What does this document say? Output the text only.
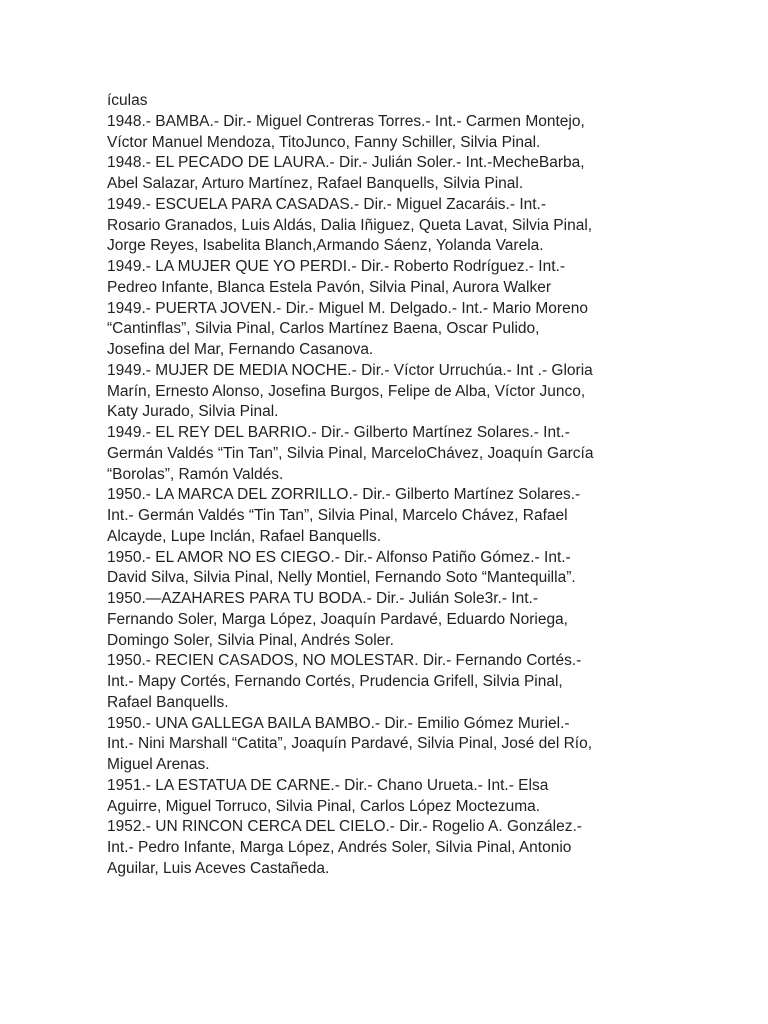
ículas
1948.- BAMBA.- Dir.- Miguel Contreras Torres.- Int.- Carmen Montejo,
Víctor Manuel Mendoza, TitoJunco, Fanny Schiller, Silvia Pinal.
1948.- EL PECADO DE LAURA.- Dir.- Julián Soler.- Int.-MecheBarba,
Abel Salazar, Arturo Martínez, Rafael Banquells, Silvia Pinal.
1949.- ESCUELA PARA CASADAS.- Dir.- Miguel Zacaráis.- Int.-
Rosario Granados, Luis Aldás, Dalia Iñiguez, Queta Lavat, Silvia Pinal,
Jorge Reyes, Isabelita Blanch,Armando Sáenz, Yolanda Varela.
1949.- LA MUJER QUE YO PERDI.- Dir.- Roberto Rodríguez.- Int.-
Pedreo Infante, Blanca Estela Pavón, Silvia Pinal, Aurora Walker
1949.- PUERTA JOVEN.- Dir.- Miguel M. Delgado.- Int.- Mario Moreno
“Cantinflas”, Silvia Pinal, Carlos Martínez Baena, Oscar Pulido,
Josefina del Mar, Fernando Casanova.
1949.- MUJER DE MEDIA NOCHE.- Dir.- Víctor Urruchúa.- Int .- Gloria
Marín, Ernesto Alonso, Josefina Burgos, Felipe de Alba, Víctor Junco,
Katy Jurado, Silvia Pinal.
1949.- EL REY DEL BARRIO.- Dir.- Gilberto Martínez Solares.- Int.-
Germán Valdés “Tin Tan”, Silvia Pinal, MarceloChávez, Joaquín García
“Borolas”, Ramón Valdés.
1950.- LA MARCA DEL ZORRILLO.- Dir.- Gilberto Martínez Solares.-
Int.- Germán Valdés “Tin Tan”, Silvia Pinal, Marcelo Chávez, Rafael
Alcayde, Lupe Inclán, Rafael Banquells.
1950.- EL AMOR NO ES CIEGO.- Dir.- Alfonso Patiño Gómez.- Int.-
David Silva, Silvia Pinal, Nelly Montiel, Fernando Soto “Mantequilla”.
1950.—AZAHARES PARA TU BODA.- Dir.- Julián Sole3r.- Int.-
Fernando Soler, Marga López, Joaquín Pardavé, Eduardo Noriega,
Domingo Soler, Silvia Pinal, Andrés Soler.
1950.- RECIEN CASADOS, NO MOLESTAR. Dir.- Fernando Cortés.-
Int.- Mapy Cortés, Fernando Cortés, Prudencia Grifell, Silvia Pinal,
Rafael Banquells.
1950.- UNA GALLEGA BAILA BAMBO.- Dir.- Emilio Gómez Muriel.-
Int.- Nini Marshall “Catita”, Joaquín Pardavé, Silvia Pinal, José del Río,
Miguel Arenas.
1951.- LA ESTATUA DE CARNE.- Dir.- Chano Urueta.- Int.- Elsa
Aguirre, Miguel Torruco, Silvia Pinal, Carlos López Moctezuma.
1952.- UN RINCON CERCA DEL CIELO.- Dir.- Rogelio A. González.-
Int.- Pedro Infante, Marga López, Andrés Soler, Silvia Pinal, Antonio
Aguilar, Luis Aceves Castañeda.
